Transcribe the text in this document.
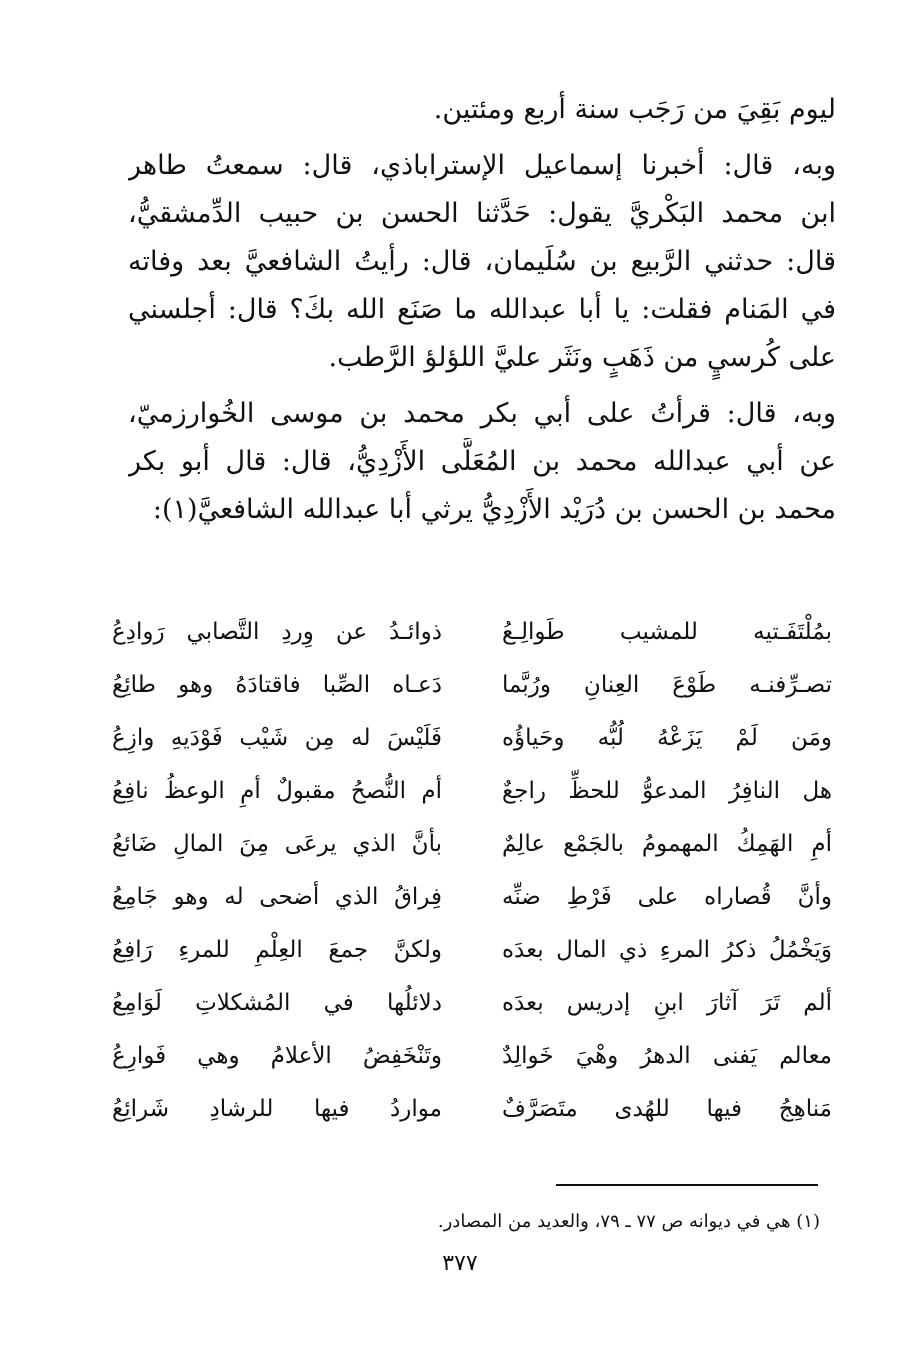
ليوم بَقِيَ من رَجَب سنة أربع ومئتين.
وبه، قال: أخبرنا إسماعيل الإستراباذي، قال: سمعتُ طاهر
ابن محمد البَكْريَّ يقول: حَدَّثنا الحسن بن حبيب الدِّمشقيُّ،
قال: حدثني الرَّبيع بن سُلَيمان، قال: رأيتُ الشافعيَّ بعد وفاته
في المَنام فقلت: يا أبا عبدالله ما صَنَع الله بكَ؟ قال: أجلسني
على كُرسيٍ من ذَهَبٍ ونَثَر عليَّ اللؤلؤ الرَّطب.
وبه، قال: قرأتُ على أبي بكر محمد بن موسى الخُوارزميّ،
عن أبي عبدالله محمد بن المُعَلَّى الأَزْدِيُّ، قال: قال أبو بكر
محمد بن الحسن بن دُرَيْد الأَزْدِيُّ يرثي أبا عبدالله الشافعيَّ(١):
بمُلْتَفَـتيه للمشيب طَوالِـعُ
ذوائـدُ عن وِردِ التَّصابي رَوادِعُ
تصـرِّفنـه طَوْعَ العِنانِ ورُبَّما
دَعـاه الصِّبا فاقتادَهُ وهو طائِعُ
ومَن لَمْ يَزَعْهُ لُبُّه وحَياؤُه
فَلَيْسَ له مِن شَيْب فَوْدَيهِ وازِعُ
هل النافِرُ المدعوُّ للحظِّ راجعٌ
أم النُّصحُ مقبولٌ أمِ الوعظُ نافِعُ
أمِ الهَمِكُ المهمومُ بالجَمْع عالِمٌ
بأنَّ الذي يرعَى مِنَ المالِ ضَائعُ
وأنَّ قُصاراه على فَرْطِ ضنِّه
فِراقُ الذي أضحى له وهو جَامِعُ
وَيَخْمُلُ ذكرُ المرءِ ذي المال بعدَه
ولكنَّ جمعَ العِلْمِ للمرءِ رَافِعُ
ألم تَرَ آثارَ ابنِ إدريس بعدَه
دلائلُها في المُشكلاتِ لَوَامِعُ
معالم يَفنى الدهرُ وهْيَ خَوالِدٌ
وتَنْخَفِضُ الأعلامُ وهي فَوارِعُ
مَناهِجُ فيها للهُدى متَصَرَّفٌ
مواردُ فيها للرشادِ شَرائِعُ
(١) هي في ديوانه ص ٧٧ ـ ٧٩، والعديد من المصادر.
٣٧٧
